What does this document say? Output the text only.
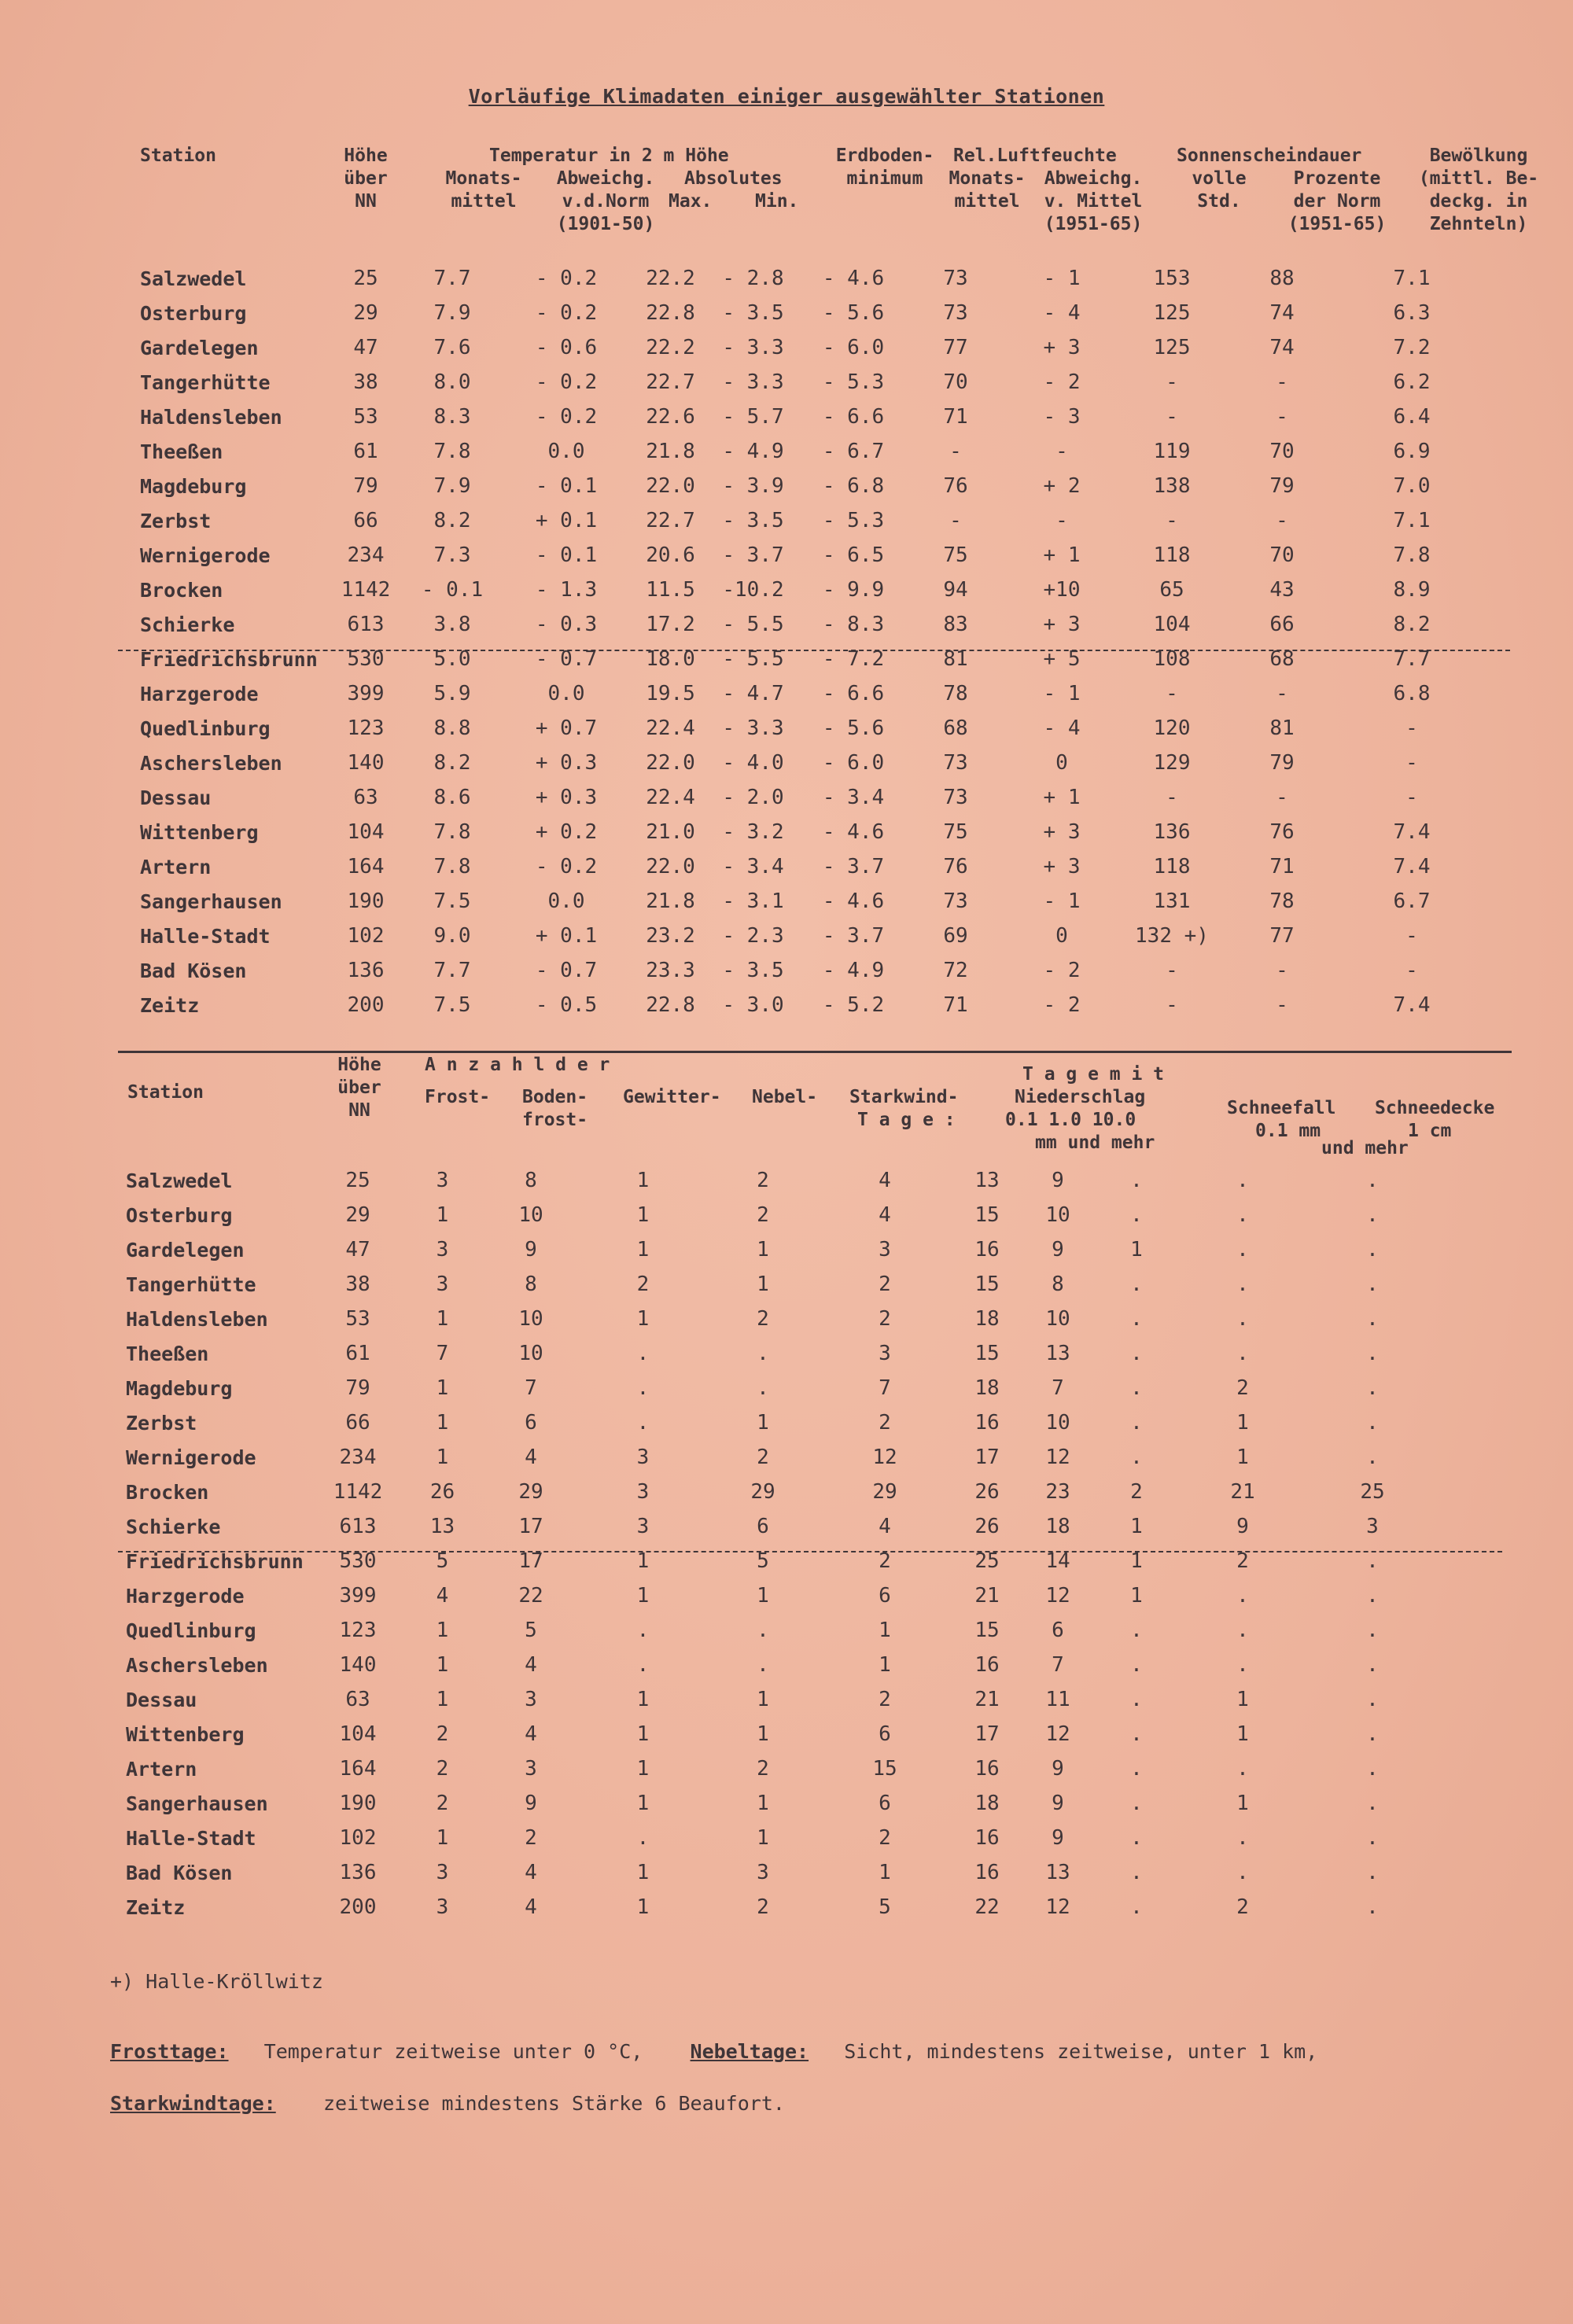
Vorläufige Klimadaten einiger ausgewählter Stationen
Station	Höhe
über
NN
Temperatur in 2 m Höhe
Monats-
mittel
Abweichg.
v.d.Norm
(1901-50)
Absolutes
Max. Min.
Erdboden-
minimum
Rel.Luftfeuchte
Monats-
mittel
Abweichg.
v. Mittel
(1951-65)
Sonnenscheindauer
volle
Std.
Prozente
der Norm
(1951-65)
Bewölkung
(mittl. Be-
deckg. in
Zehnteln)
Salzwedel	25	7.7	- 0.2	22.2	- 2.8	- 4.6	73	- 1	153	88	7.1
Osterburg	29	7.9	- 0.2	22.8	- 3.5	- 5.6	73	- 4	125	74	6.3
Gardelegen	47	7.6	- 0.6	22.2	- 3.3	- 6.0	77	+ 3	125	74	7.2
Tangerhütte	38	8.0	- 0.2	22.7	- 3.3	- 5.3	70	- 2	-	-	6.2
Haldensleben	53	8.3	- 0.2	22.6	- 5.7	- 6.6	71	- 3	-	-	6.4
Theeßen	61	7.8	0.0	21.8	- 4.9	- 6.7	-	-	119	70	6.9
Magdeburg	79	7.9	- 0.1	22.0	- 3.9	- 6.8	76	+ 2	138	79	7.0
Zerbst	66	8.2	+ 0.1	22.7	- 3.5	- 5.3	-	-	-	-	7.1
Wernigerode	234	7.3	- 0.1	20.6	- 3.7	- 6.5	75	+ 1	118	70	7.8
Brocken	1142	- 0.1	- 1.3	11.5	-10.2	- 9.9	94	+10	65	43	8.9
Schierke	613	3.8	- 0.3	17.2	- 5.5	- 8.3	83	+ 3	104	66	8.2
Friedrichsbrunn	530	5.0	- 0.7	18.0	- 5.5	- 7.2	81	+ 5	108	68	7.7
Harzgerode	399	5.9	0.0	19.5	- 4.7	- 6.6	78	- 1	-	-	6.8
Quedlinburg	123	8.8	+ 0.7	22.4	- 3.3	- 5.6	68	- 4	120	81	-
Aschersleben	140	8.2	+ 0.3	22.0	- 4.0	- 6.0	73	0	129	79	-
Dessau	63	8.6	+ 0.3	22.4	- 2.0	- 3.4	73	+ 1	-	-	-
Wittenberg	104	7.8	+ 0.2	21.0	- 3.2	- 4.6	75	+ 3	136	76	7.4
Artern	164	7.8	- 0.2	22.0	- 3.4	- 3.7	76	+ 3	118	71	7.4
Sangerhausen	190	7.5	0.0	21.8	- 3.1	- 4.6	73	- 1	131	78	6.7
Halle-Stadt	102	9.0	+ 0.1	23.2	- 2.3	- 3.7	69	0	132 +)	77	-
Bad Kösen	136	7.7	- 0.7	23.3	- 3.5	- 4.9	72	- 2	-	-	-
Zeitz	200	7.5	- 0.5	22.8	- 3.0	- 5.2	71	- 2	-	-	7.4
Station
Höhe
über
NN
A n z a h l d e r
Frost- Boden-
frost-
Gewitter- Nebel- Starkwind-
T a g e :
T a g e m i t
Niederschlag
0.1 1.0 10.0
mm und mehr
Schneefall
0.1 mm
Schneedecke
1 cm
und mehr
Salzwedel	25	3	8	1	2	4	13	9	.	.	.
Osterburg	29	1	10	1	2	4	15	10	.	.	.
Gardelegen	47	3	9	1	1	3	16	9	1	.	.
Tangerhütte	38	3	8	2	1	2	15	8	.	.	.
Haldensleben	53	1	10	1	2	2	18	10	.	.	.
Theeßen	61	7	10	.	.	3	15	13	.	.	.
Magdeburg	79	1	7	.	.	7	18	7	.	2	.
Zerbst	66	1	6	.	1	2	16	10	.	1	.
Wernigerode	234	1	4	3	2	12	17	12	.	1	.
Brocken	1142	26	29	3	29	29	26	23	2	21	25
Schierke	613	13	17	3	6	4	26	18	1	9	3
Friedrichsbrunn	530	5	17	1	5	2	25	14	1	2	.
Harzgerode	399	4	22	1	1	6	21	12	1	.	.
Quedlinburg	123	1	5	.	.	1	15	6	.	.	.
Aschersleben	140	1	4	.	.	1	16	7	.	.	.
Dessau	63	1	3	1	1	2	21	11	.	1	.
Wittenberg	104	2	4	1	1	6	17	12	.	1	.
Artern	164	2	3	1	2	15	16	9	.	.	.
Sangerhausen	190	2	9	1	1	6	18	9	.	1	.
Halle-Stadt	102	1	2	.	1	2	16	9	.	.	.
Bad Kösen	136	3	4	1	3	1	16	13	.	.	.
Zeitz	200	3	4	1	2	5	22	12	.	2	.
+) Halle-Kröllwitz
Frosttage: Temperatur zeitweise unter 0 °C, Nebeltage: Sicht, mindestens zeitweise, unter 1 km,
Starkwindtage: zeitweise mindestens Stärke 6 Beaufort.
